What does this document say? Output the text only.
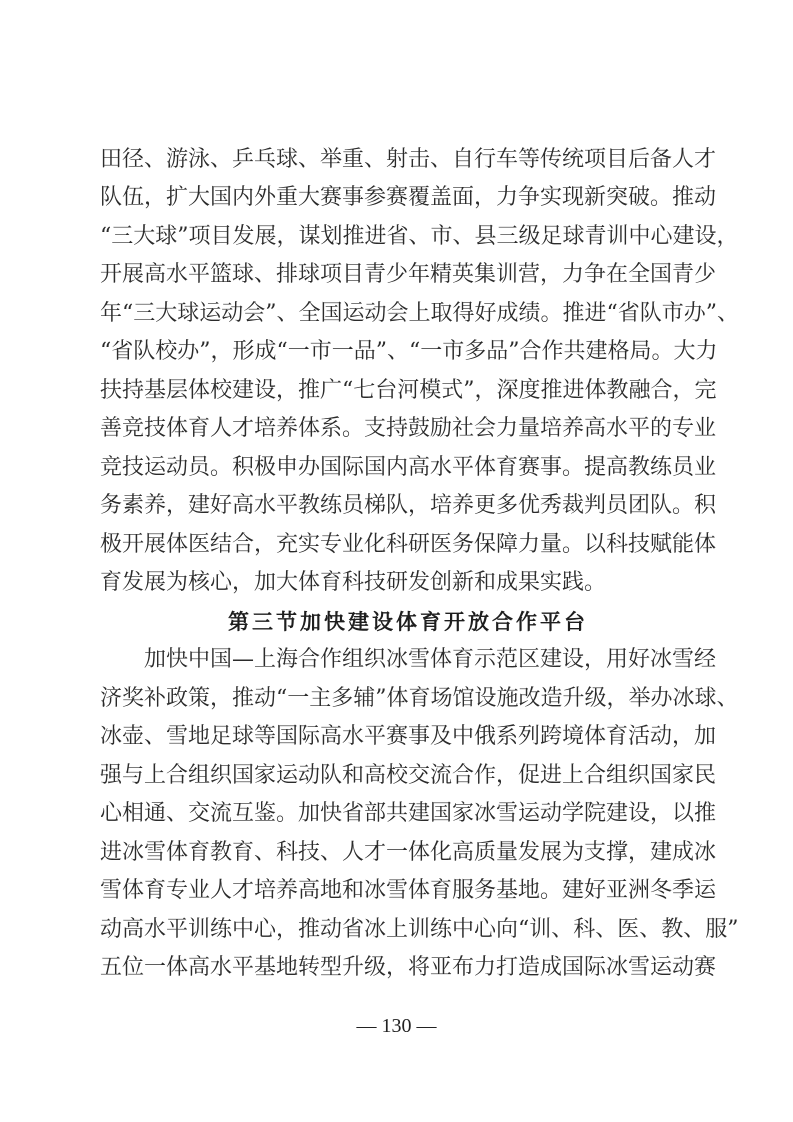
田径、游泳、乒乓球、举重、射击、自行车等传统项目后备人才
队伍，扩大国内外重大赛事参赛覆盖面，力争实现新突破。推动
“三大球”项目发展，谋划推进省、市、县三级足球青训中心建设，
开展高水平篮球、排球项目青少年精英集训营，力争在全国青少
年“三大球运动会”、全国运动会上取得好成绩。推进“省队市办”、
“省队校办”，形成“一市一品”、“一市多品”合作共建格局。大力
扶持基层体校建设，推广“七台河模式”，深度推进体教融合，完
善竞技体育人才培养体系。支持鼓励社会力量培养高水平的专业
竞技运动员。积极申办国际国内高水平体育赛事。提高教练员业
务素养，建好高水平教练员梯队，培养更多优秀裁判员团队。积
极开展体医结合，充实专业化科研医务保障力量。以科技赋能体
育发展为核心，加大体育科技研发创新和成果实践。
第三节 加快建设体育开放合作平台
加快中国—上海合作组织冰雪体育示范区建设，用好冰雪经
济奖补政策，推动“一主多辅”体育场馆设施改造升级，举办冰球、
冰壶、雪地足球等国际高水平赛事及中俄系列跨境体育活动，加
强与上合组织国家运动队和高校交流合作，促进上合组织国家民
心相通、交流互鉴。加快省部共建国家冰雪运动学院建设，以推
进冰雪体育教育、科技、人才一体化高质量发展为支撑，建成冰
雪体育专业人才培养高地和冰雪体育服务基地。建好亚洲冬季运
动高水平训练中心，推动省冰上训练中心向“训、科、医、教、服”
五位一体高水平基地转型升级，将亚布力打造成国际冰雪运动赛
— 130 —
